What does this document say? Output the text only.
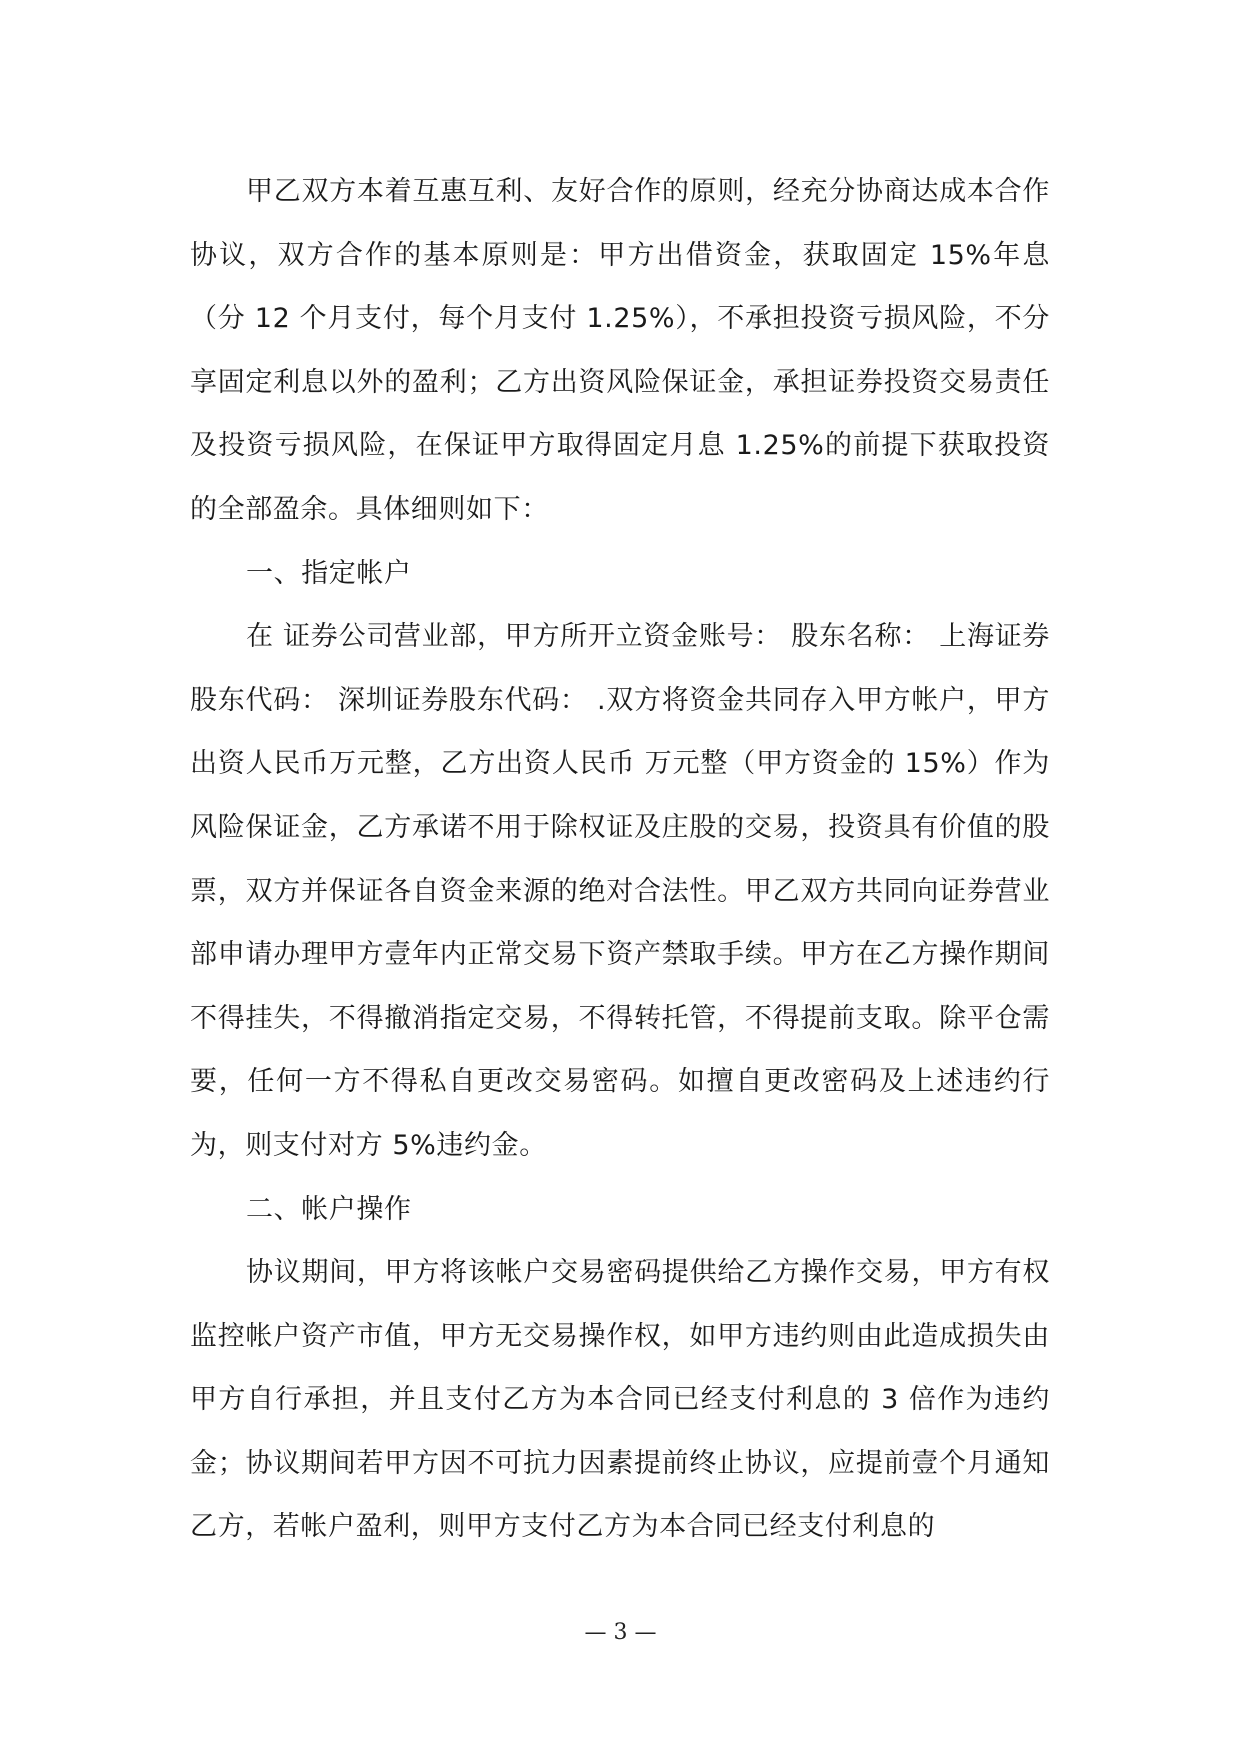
甲乙双方本着互惠互利、友好合作的原则，经充分协商达成本合作协议，双方合作的基本原则是：甲方出借资金，获取固定 15%年息（分 12 个月支付，每个月支付 1.25%），不承担投资亏损风险，不分享固定利息以外的盈利；乙方出资风险保证金，承担证券投资交易责任及投资亏损风险，在保证甲方取得固定月息 1.25%的前提下获取投资的全部盈余。具体细则如下：

一、指定帐户

在 证券公司营业部，甲方所开立资金账号： 股东名称： 上海证券股东代码： 深圳证券股东代码： .双方将资金共同存入甲方帐户，甲方出资人民币万元整，乙方出资人民币 万元整（甲方资金的 15%）作为风险保证金，乙方承诺不用于除权证及庄股的交易，投资具有价值的股票，双方并保证各自资金来源的绝对合法性。甲乙双方共同向证券营业部申请办理甲方壹年内正常交易下资产禁取手续。甲方在乙方操作期间不得挂失，不得撤消指定交易，不得转托管，不得提前支取。除平仓需要，任何一方不得私自更改交易密码。如擅自更改密码及上述违约行为，则支付对方 5%违约金。

二、帐户操作

协议期间，甲方将该帐户交易密码提供给乙方操作交易，甲方有权监控帐户资产市值，甲方无交易操作权，如甲方违约则由此造成损失由甲方自行承担，并且支付乙方为本合同已经支付利息的 3 倍作为违约金；协议期间若甲方因不可抗力因素提前终止协议，应提前壹个月通知乙方，若帐户盈利，则甲方支付乙方为本合同已经支付利息的

— 3 —
